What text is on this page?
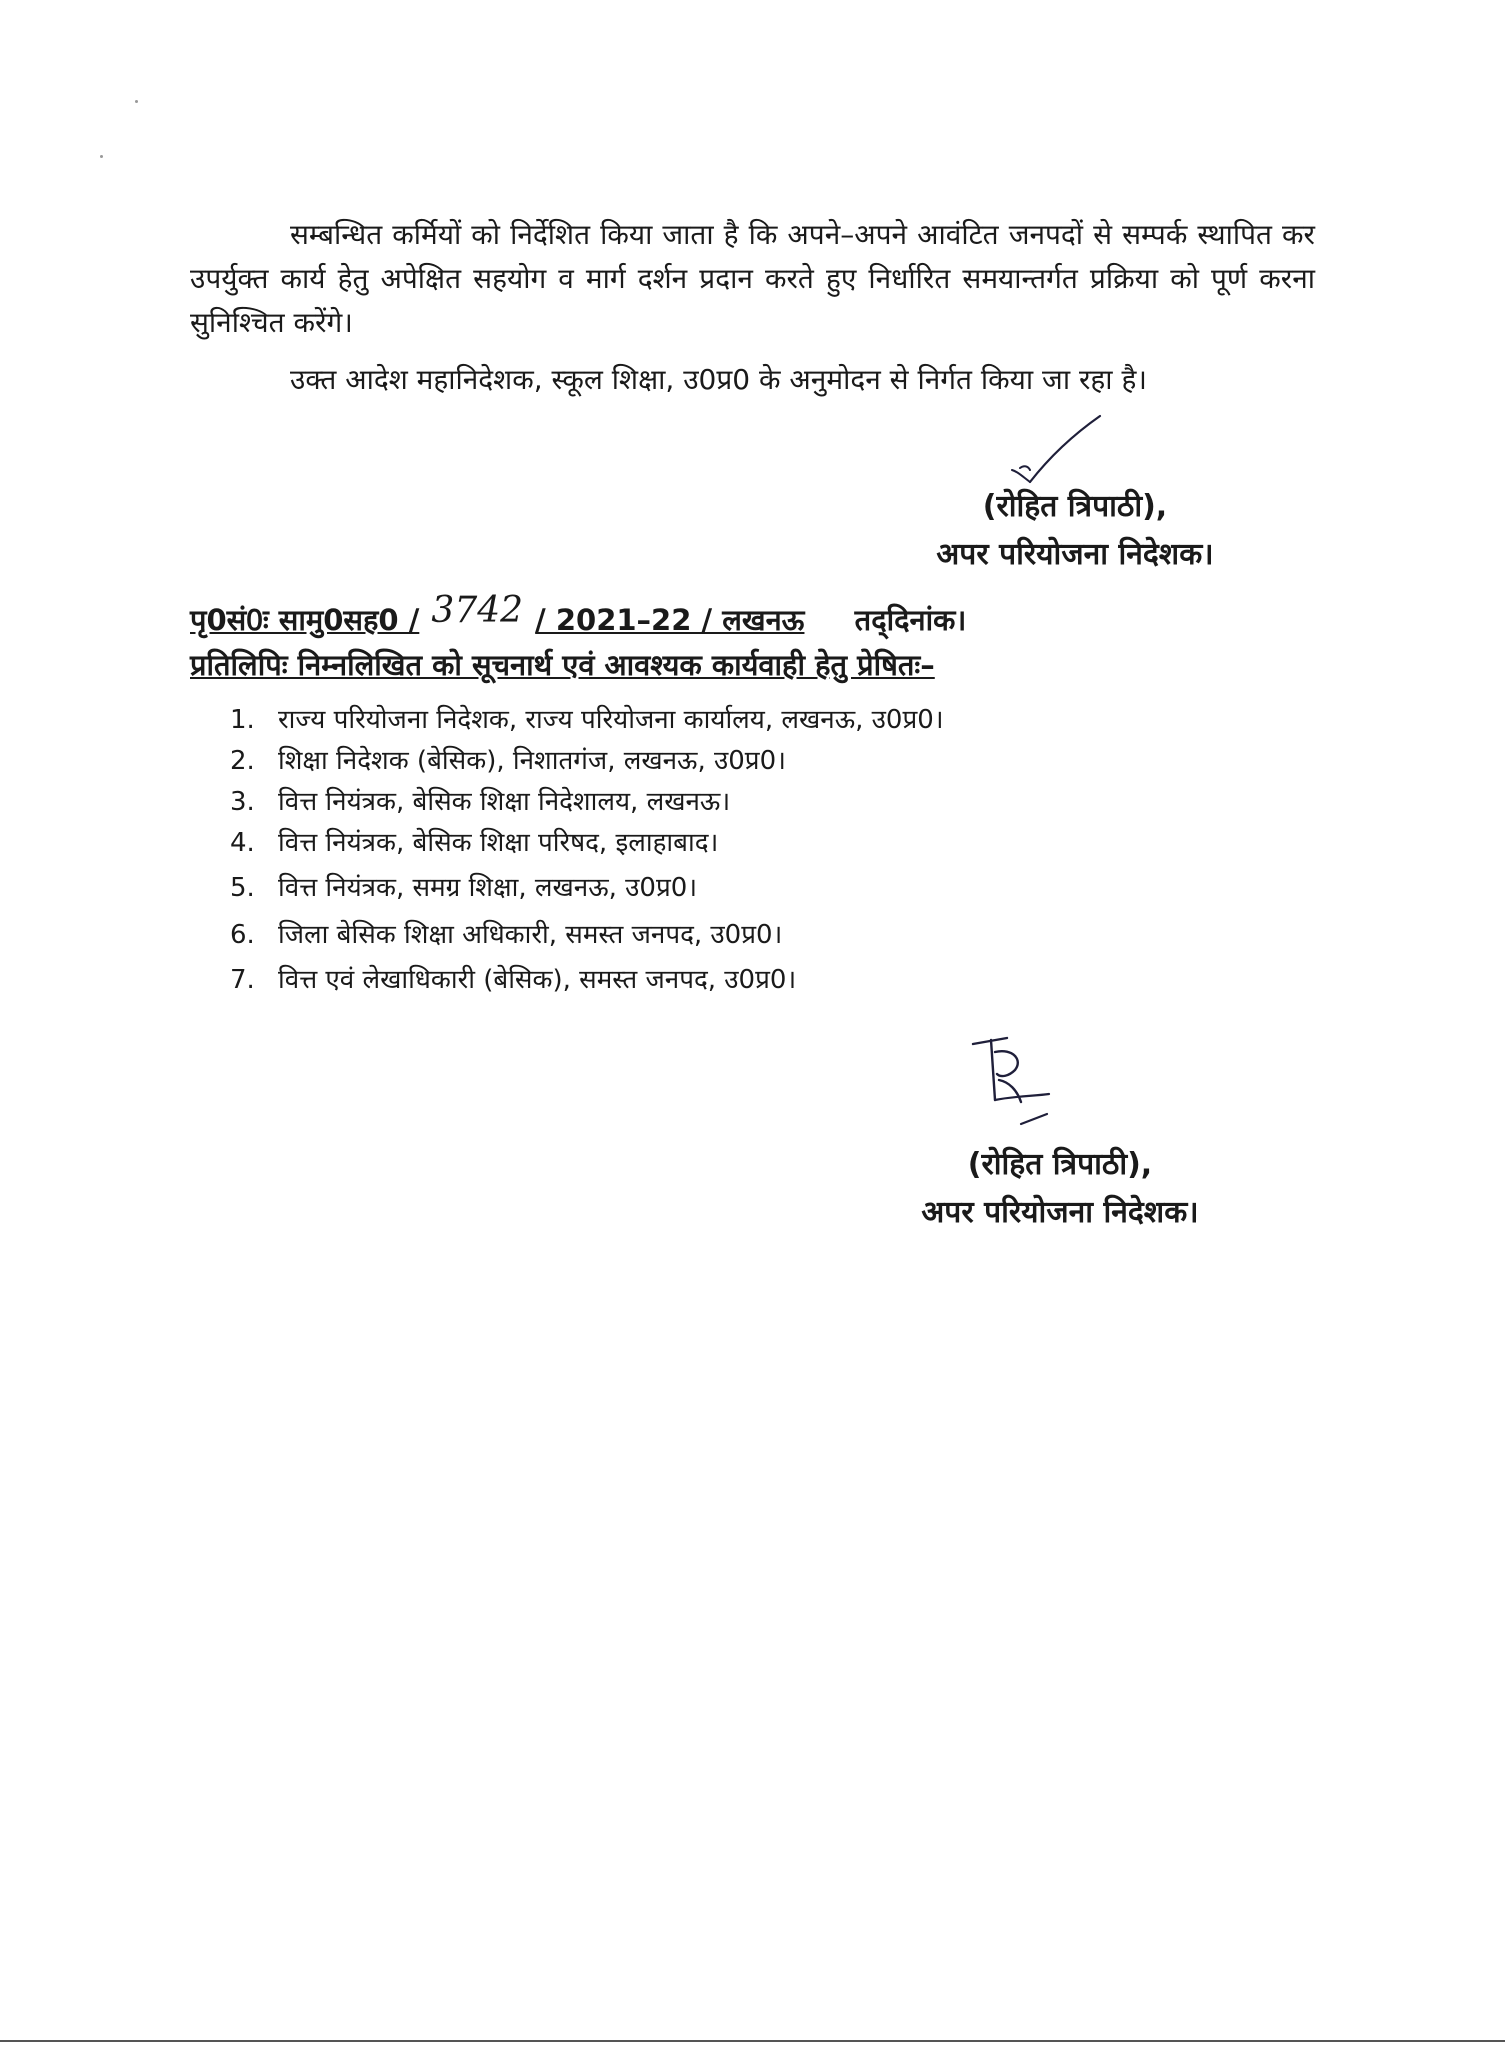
सम्बन्धित कर्मियों को निर्देशित किया जाता है कि अपने–अपने आवंटित जनपदों से सम्पर्क स्थापित कर उपर्युक्त कार्य हेतु अपेक्षित सहयोग व मार्ग दर्शन प्रदान करते हुए निर्धारित समयान्तर्गत प्रक्रिया को पूर्ण करना सुनिश्चित करेंगे।

उक्त आदेश महानिदेशक, स्कूल शिक्षा, उ0प्र0 के अनुमोदन से निर्गत किया जा रहा है।

(रोहित त्रिपाठी),
अपर परियोजना निदेशक।
पृ0सं0ः सामु0सह0 / 3742 / 2021–22 / लखनऊ तद्‌दिनांक।
प्रतिलिपिः निम्नलिखित को सूचनार्थ एवं आवश्यक कार्यवाही हेतु प्रेषितः–
1. राज्य परियोजना निदेशक, राज्य परियोजना कार्यालय, लखनऊ, उ0प्र0।
2. शिक्षा निदेशक (बेसिक), निशातगंज, लखनऊ, उ0प्र0।
3. वित्त नियंत्रक, बेसिक शिक्षा निदेशालय, लखनऊ।
4. वित्त नियंत्रक, बेसिक शिक्षा परिषद, इलाहाबाद।
5. वित्त नियंत्रक, समग्र शिक्षा, लखनऊ, उ0प्र0।
6. जिला बेसिक शिक्षा अधिकारी, समस्त जनपद, उ0प्र0।
7. वित्त एवं लेखाधिकारी (बेसिक), समस्त जनपद, उ0प्र0।
(रोहित त्रिपाठी),
अपर परियोजना निदेशक।
